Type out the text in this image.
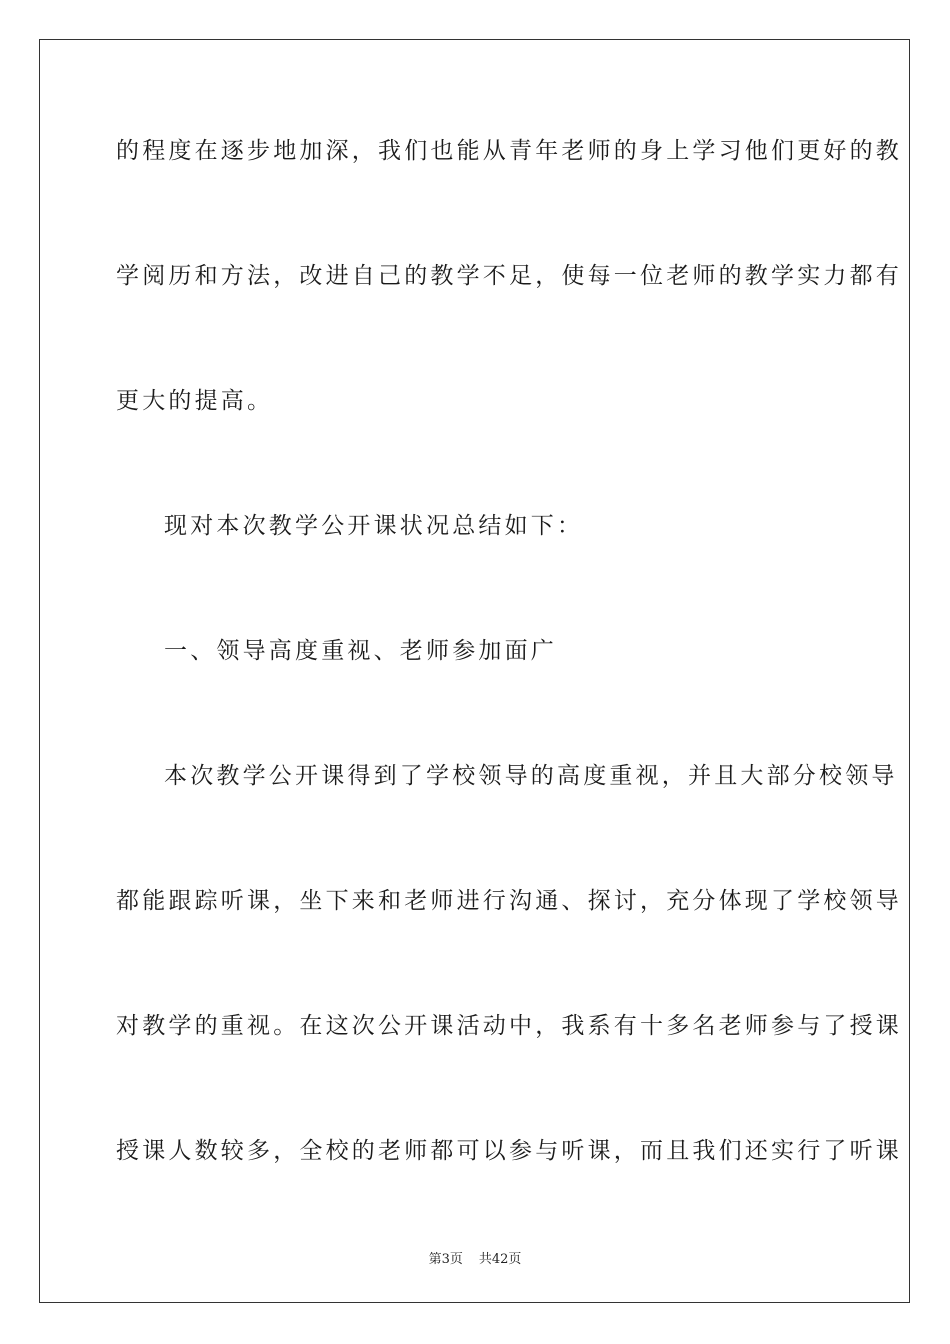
的程度在逐步地加深，我们也能从青年老师的身上学习他们更好的教
学阅历和方法，改进自己的教学不足，使每一位老师的教学实力都有
更大的提高。
现对本次教学公开课状况总结如下：
一、领导高度重视、老师参加面广
本次教学公开课得到了学校领导的高度重视，并且大部分校领导
都能跟踪听课，坐下来和老师进行沟通、探讨，充分体现了学校领导
对教学的重视。在这次公开课活动中，我系有十多名老师参与了授课
授课人数较多，全校的老师都可以参与听课，而且我们还实行了听课
第3页 共42页
